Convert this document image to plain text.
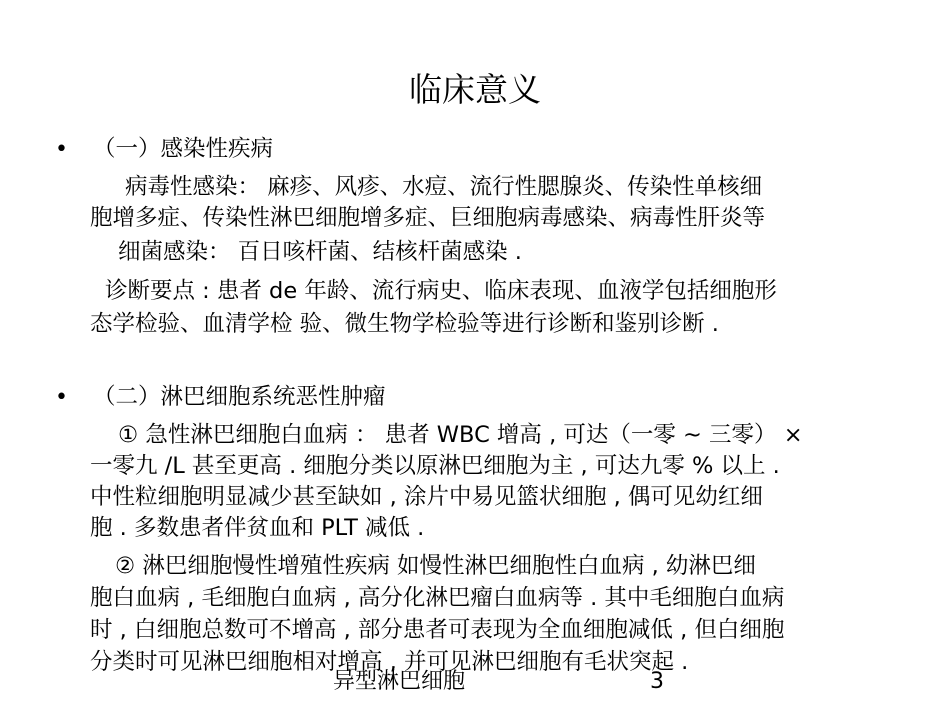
临床意义
• （一）感染性疾病
病毒性感染： 麻疹、风疹、水痘、流行性腮腺炎、传染性单核细
胞增多症、传染性淋巴细胞增多症、巨细胞病毒感染、病毒性肝炎等
细菌感染： 百日咳杆菌、结核杆菌感染 .
诊断要点 : 患者 de 年龄、流行病史、临床表现、血液学包括细胞形
态学检验、血清学检 验、微生物学检验等进行诊断和鉴别诊断 .
• （二）淋巴细胞系统恶性肿瘤
① 急性淋巴细胞白血病 ： 患者 WBC 增高 , 可达（一零 ~ 三零） ×
一零九 /L 甚至更高 . 细胞分类以原淋巴细胞为主 , 可达九零 % 以上 .
中性粒细胞明显减少甚至缺如 , 涂片中易见篮状细胞 , 偶可见幼红细
胞 . 多数患者伴贫血和 PLT 减低 .
② 淋巴细胞慢性增殖性疾病 如慢性淋巴细胞性白血病 , 幼淋巴细
胞白血病 , 毛细胞白血病 , 高分化淋巴瘤白血病等 . 其中毛细胞白血病
时 , 白细胞总数可不增高 , 部分患者可表现为全血细胞减低 , 但白细胞
分类时可见淋巴细胞相对增高 , 并可见淋巴细胞有毛状突起 .
异型淋巴细胞	3
